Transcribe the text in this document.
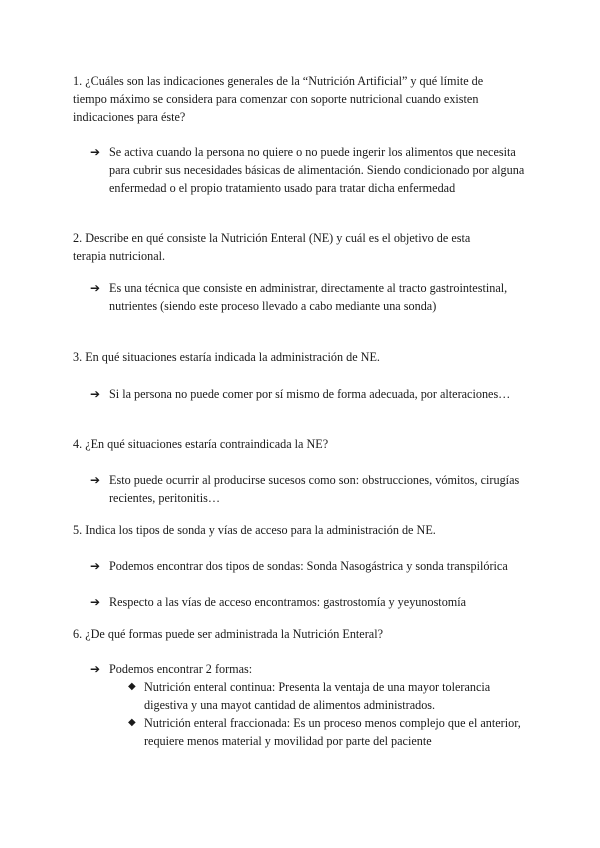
1. ¿Cuáles son las indicaciones generales de la “Nutrición Artificial” y qué límite de tiempo máximo se considera para comenzar con soporte nutricional cuando existen indicaciones para éste?

➔ Se activa cuando la persona no quiere o no puede ingerir los alimentos que necesita para cubrir sus necesidades básicas de alimentación. Siendo condicionado por alguna enfermedad o el propio tratamiento usado para tratar dicha enfermedad

2. Describe en qué consiste la Nutrición Enteral (NE) y cuál es el objetivo de esta terapia nutricional.

➔ Es una técnica que consiste en administrar, directamente al tracto gastrointestinal, nutrientes (siendo este proceso llevado a cabo mediante una sonda)

3. En qué situaciones estaría indicada la administración de NE.

➔ Si la persona no puede comer por sí mismo de forma adecuada, por alteraciones…

4. ¿En qué situaciones estaría contraindicada la NE?

➔ Esto puede ocurrir al producirse sucesos como son: obstrucciones, vómitos, cirugías recientes, peritonitis…

5. Indica los tipos de sonda y vías de acceso para la administración de NE.

➔ Podemos encontrar dos tipos de sondas: Sonda Nasogástrica y sonda transpilórica
➔ Respecto a las vías de acceso encontramos: gastrostomía y yeyunostomía

6. ¿De qué formas puede ser administrada la Nutrición Enteral?

➔ Podemos encontrar 2 formas:
◆ Nutrición enteral continua: Presenta la ventaja de una mayor tolerancia digestiva y una mayot cantidad de alimentos administrados.
◆ Nutrición enteral fraccionada: Es un proceso menos complejo que el anterior, requiere menos material y movilidad por parte del paciente
